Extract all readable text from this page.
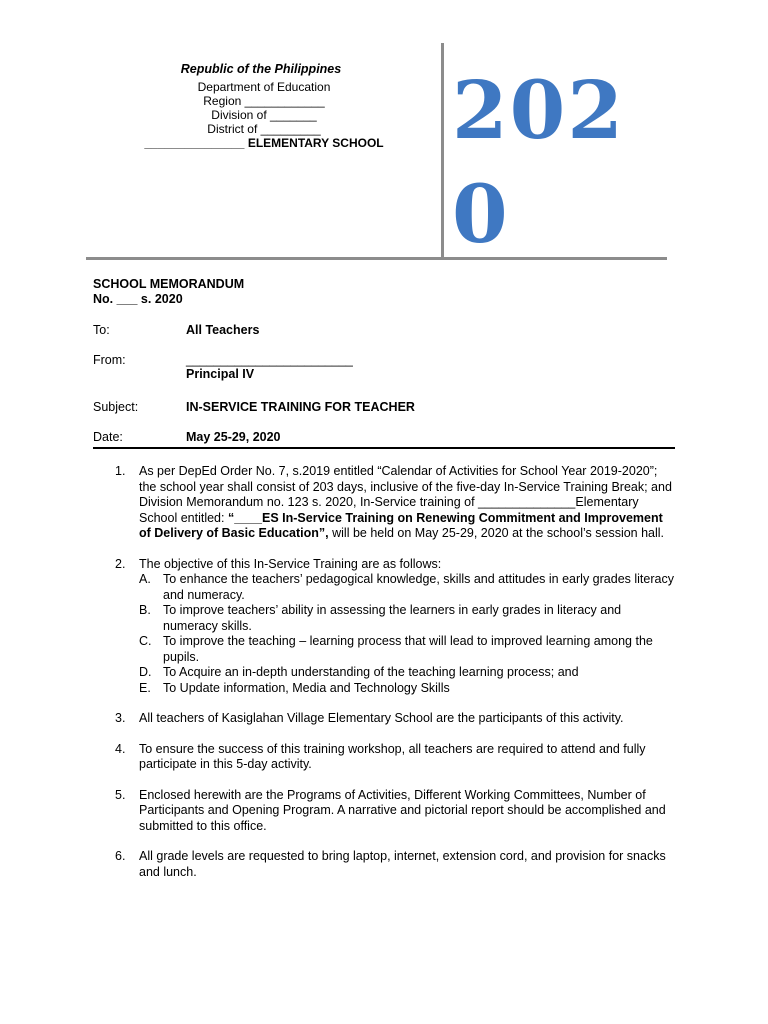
Republic of the Philippines
Department of Education
Region ____________
Division of _______
District of _________
_______________ ELEMENTARY SCHOOL 202
0
SCHOOL MEMORANDUM
No. ___ s. 2020
To:	All Teachers
From:	________________________
Principal IV
Subject:	IN-SERVICE TRAINING FOR TEACHER
Date:	May 25-29, 2020
1. As per DepEd Order No. 7, s.2019 entitled “Calendar of Activities for School Year 2019-2020”; the school year shall consist of 203 days, inclusive of the five-day In-Service Training Break; and Division Memorandum no. 123 s. 2020, In-Service training of ______________Elementary School entitled: “____ES In-Service Training on Renewing Commitment and Improvement of Delivery of Basic Education”, will be held on May 25-29, 2020 at the school’s session hall.
2. The objective of this In-Service Training are as follows:
A. To enhance the teachers’ pedagogical knowledge, skills and attitudes in early grades literacy and numeracy.
B. To improve teachers’ ability in assessing the learners in early grades in literacy and numeracy skills.
C. To improve the teaching – learning process that will lead to improved learning among the pupils.
D. To Acquire an in-depth understanding of the teaching learning process; and
E. To Update information, Media and Technology Skills
3. All teachers of Kasiglahan Village Elementary School are the participants of this activity.
4. To ensure the success of this training workshop, all teachers are required to attend and fully participate in this 5-day activity.
5. Enclosed herewith are the Programs of Activities, Different Working Committees, Number of Participants and Opening Program. A narrative and pictorial report should be accomplished and submitted to this office.
6. All grade levels are requested to bring laptop, internet, extension cord, and provision for snacks and lunch.
